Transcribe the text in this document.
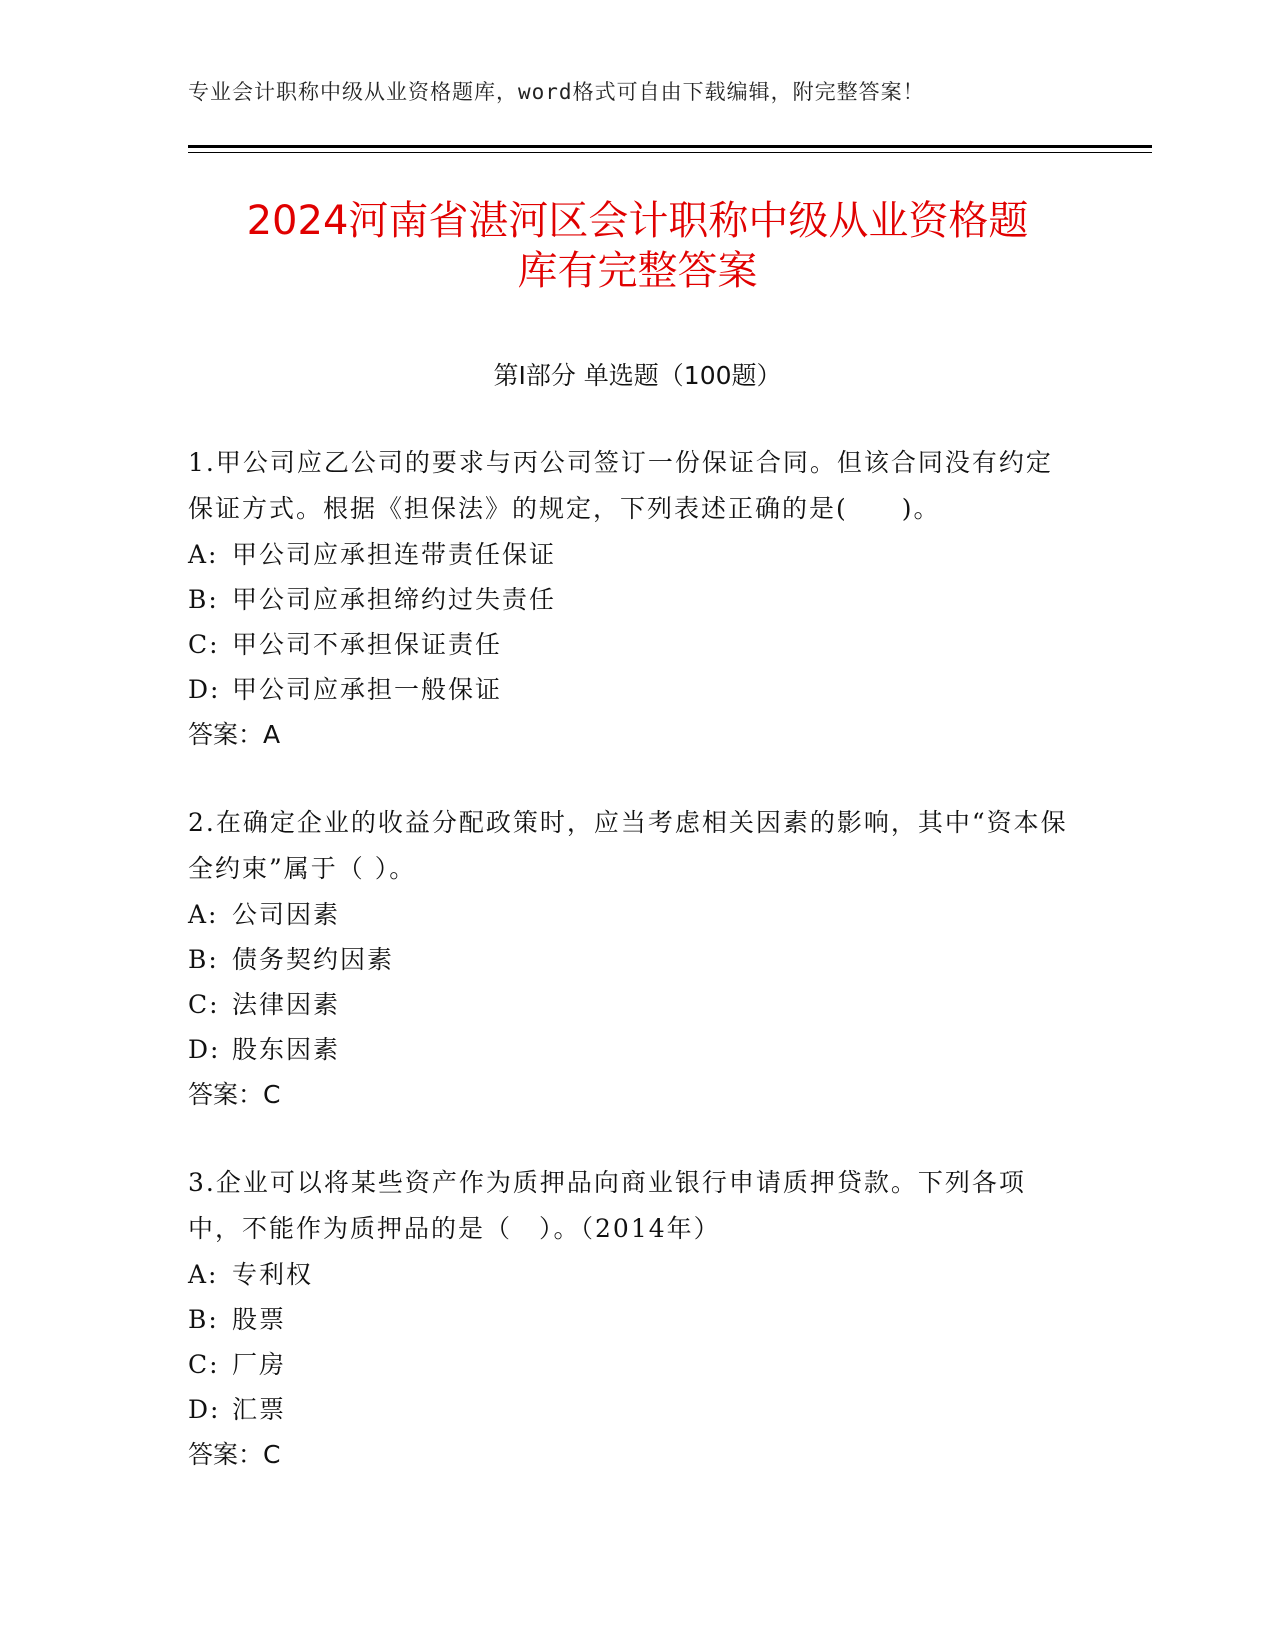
专业会计职称中级从业资格题库，word格式可自由下载编辑，附完整答案！
2024河南省湛河区会计职称中级从业资格题
库有完整答案
第Ⅰ部分 单选题（100题）
1.甲公司应乙公司的要求与丙公司签订一份保证合同。但该合同没有约定保证方式。根据《担保法》的规定，下列表述正确的是(　　)。
A: 甲公司应承担连带责任保证
B: 甲公司应承担缔约过失责任
C: 甲公司不承担保证责任
D: 甲公司应承担一般保证
答案：A
2.在确定企业的收益分配政策时，应当考虑相关因素的影响，其中“资本保全约束”属于（ ）。
A: 公司因素
B: 债务契约因素
C: 法律因素
D: 股东因素
答案：C
3.企业可以将某些资产作为质押品向商业银行申请质押贷款。下列各项中，不能作为质押品的是（　）。（2014年）
A: 专利权
B: 股票
C: 厂房
D: 汇票
答案：C
